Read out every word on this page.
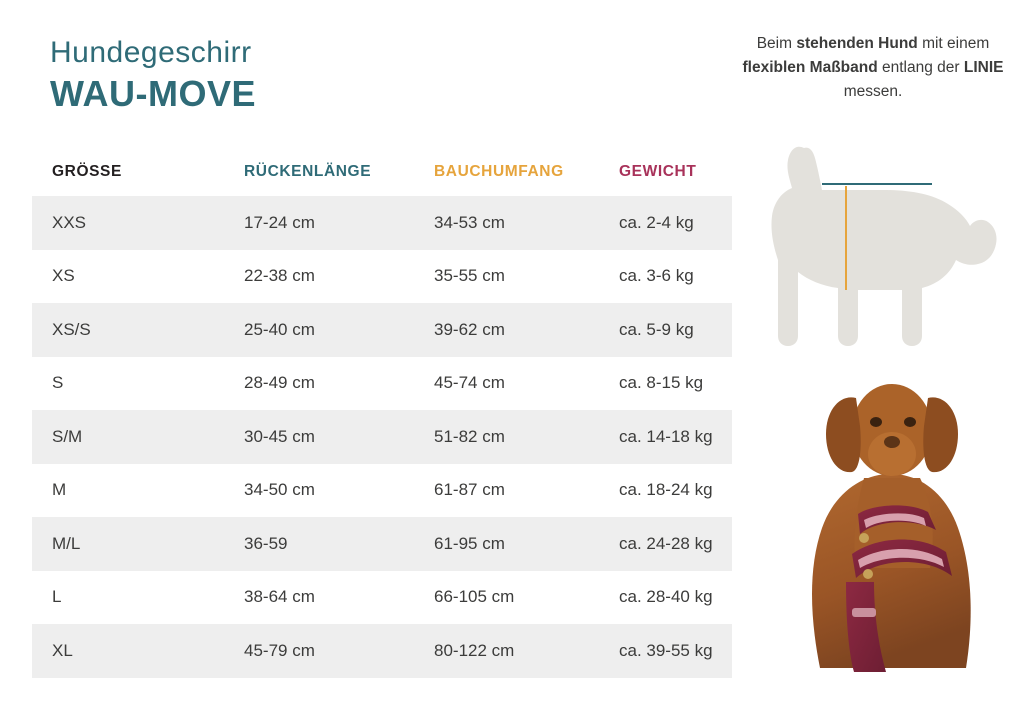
Hundegeschirr
WAU-MOVE
Beim stehenden Hund mit einem flexiblen Maßband entlang der LINIE messen.
GRÖSSE	RÜCKENLÄNGE	BAUCHUMFANG	GEWICHT
XXS	17-24 cm	34-53 cm	ca. 2-4 kg
XS	22-38 cm	35-55 cm	ca. 3-6 kg
XS/S	25-40 cm	39-62 cm	ca. 5-9 kg
S	28-49 cm	45-74 cm	ca. 8-15 kg
S/M	30-45 cm	51-82 cm	ca. 14-18 kg
M	34-50 cm	61-87 cm	ca. 18-24 kg
M/L	36-59	61-95 cm	ca. 24-28 kg
L	38-64 cm	66-105 cm	ca. 28-40 kg
XL	45-79 cm	80-122 cm	ca. 39-55 kg
